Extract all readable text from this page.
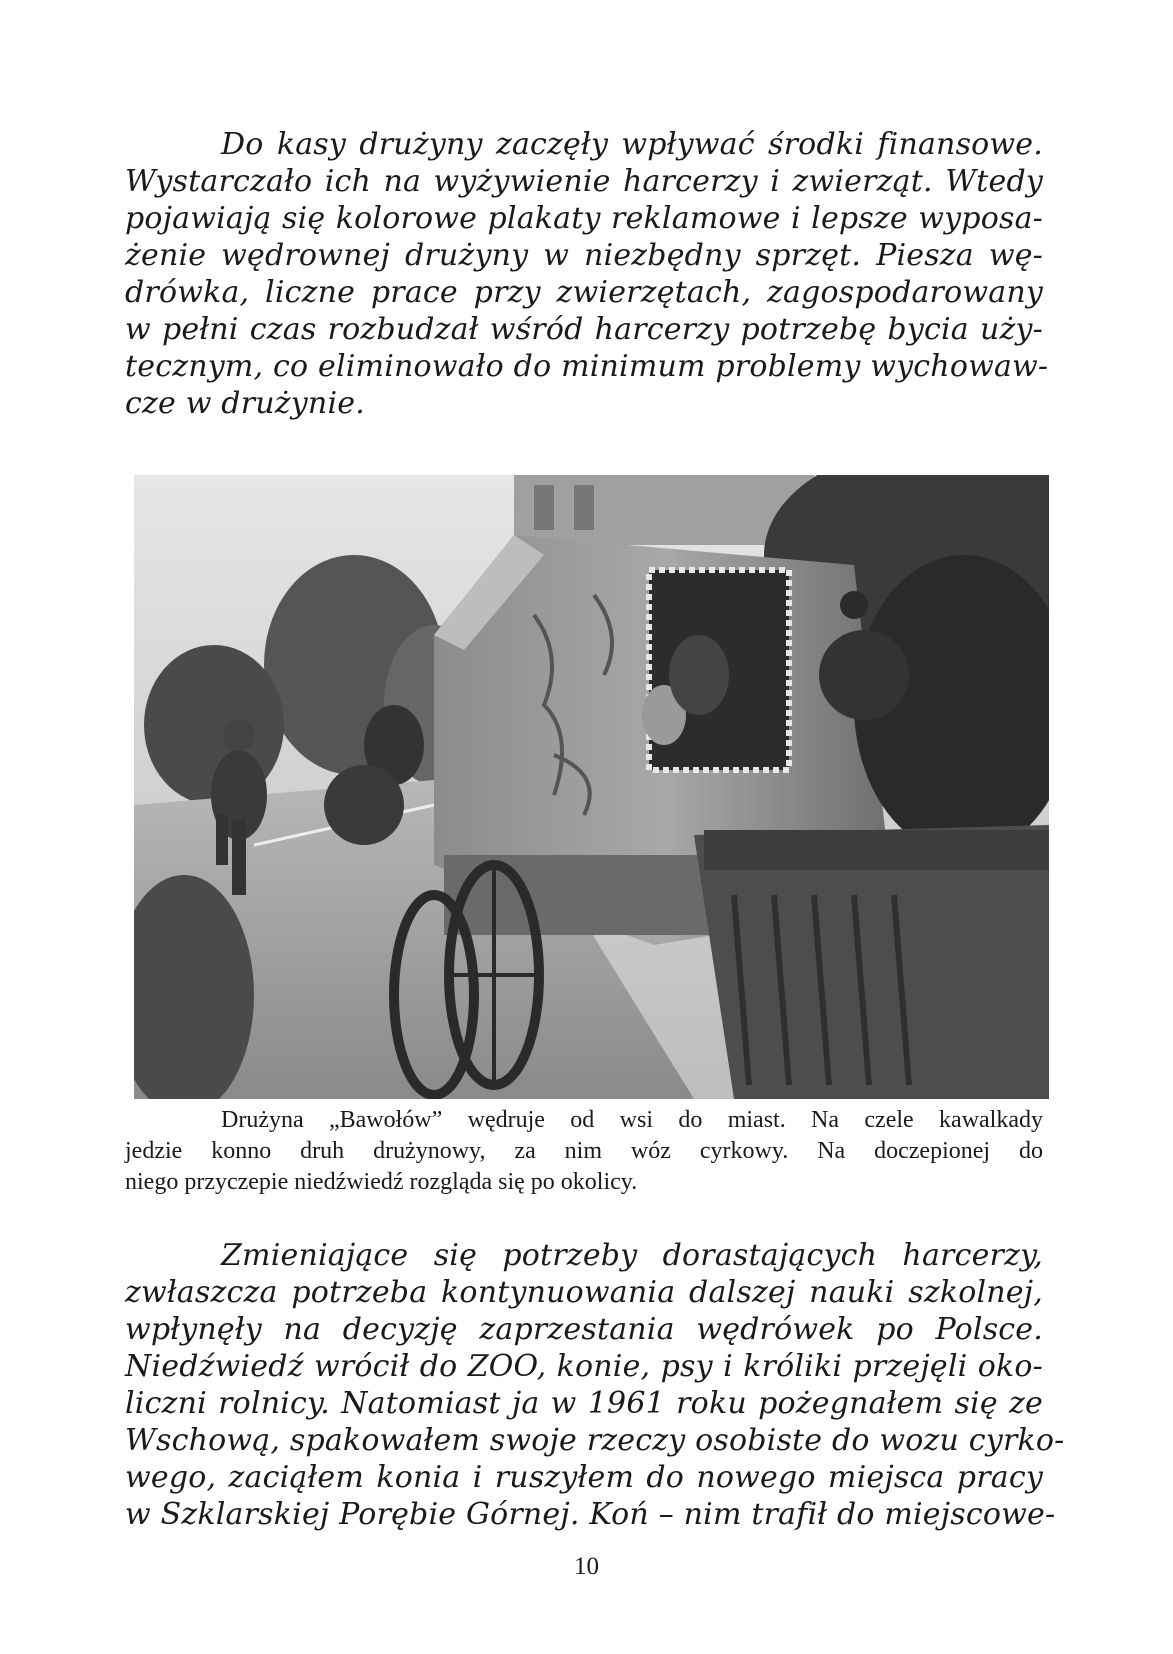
Do kasy drużyny zaczęły wpływać środki finansowe.
Wystarczało ich na wyżywienie harcerzy i zwierząt. Wtedy
pojawiają się kolorowe plakaty reklamowe i lepsze wyposa-
żenie wędrownej drużyny w niezbędny sprzęt. Piesza wę-
drówka, liczne prace przy zwierzętach, zagospodarowany
w pełni czas rozbudzał wśród harcerzy potrzebę bycia uży-
tecznym, co eliminowało do minimum problemy wychowaw-
cze w drużynie.

Drużyna „Bawołów” wędruje od wsi do miast. Na czele kawalkady
jedzie konno druh drużynowy, za nim wóz cyrkowy. Na doczepionej do
niego przyczepie niedźwiedź rozgląda się po okolicy.

Zmieniające się potrzeby dorastających harcerzy,
zwłaszcza potrzeba kontynuowania dalszej nauki szkolnej,
wpłynęły na decyzję zaprzestania wędrówek po Polsce.
Niedźwiedź wrócił do ZOO, konie, psy i króliki przejęli oko-
liczni rolnicy. Natomiast ja w 1961 roku pożegnałem się ze
Wschową, spakowałem swoje rzeczy osobiste do wozu cyrko-
wego, zaciąłem konia i ruszyłem do nowego miejsca pracy
w Szklarskiej Porębie Górnej. Koń – nim trafił do miejscowe-

10
